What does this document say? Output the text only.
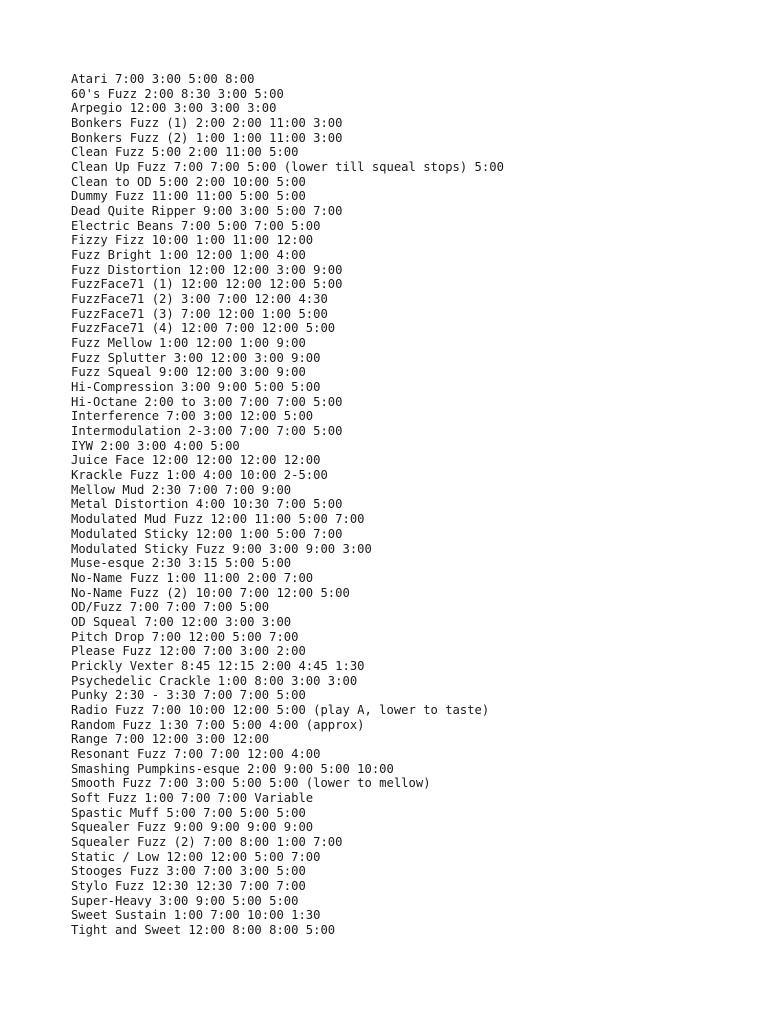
Atari 7:00 3:00 5:00 8:00
60's Fuzz 2:00 8:30 3:00 5:00
Arpegio 12:00 3:00 3:00 3:00
Bonkers Fuzz (1) 2:00 2:00 11:00 3:00
Bonkers Fuzz (2) 1:00 1:00 11:00 3:00
Clean Fuzz 5:00 2:00 11:00 5:00
Clean Up Fuzz 7:00 7:00 5:00 (lower till squeal stops) 5:00
Clean to OD 5:00 2:00 10:00 5:00
Dummy Fuzz 11:00 11:00 5:00 5:00
Dead Quite Ripper 9:00 3:00 5:00 7:00
Electric Beans 7:00 5:00 7:00 5:00
Fizzy Fizz 10:00 1:00 11:00 12:00
Fuzz Bright 1:00 12:00 1:00 4:00
Fuzz Distortion 12:00 12:00 3:00 9:00
FuzzFace71 (1) 12:00 12:00 12:00 5:00
FuzzFace71 (2) 3:00 7:00 12:00 4:30
FuzzFace71 (3) 7:00 12:00 1:00 5:00
FuzzFace71 (4) 12:00 7:00 12:00 5:00
Fuzz Mellow 1:00 12:00 1:00 9:00
Fuzz Splutter 3:00 12:00 3:00 9:00
Fuzz Squeal 9:00 12:00 3:00 9:00
Hi-Compression 3:00 9:00 5:00 5:00
Hi-Octane 2:00 to 3:00 7:00 7:00 5:00
Interference 7:00 3:00 12:00 5:00
Intermodulation 2-3:00 7:00 7:00 5:00
IYW 2:00 3:00 4:00 5:00
Juice Face 12:00 12:00 12:00 12:00
Krackle Fuzz 1:00 4:00 10:00 2-5:00
Mellow Mud 2:30 7:00 7:00 9:00
Metal Distortion 4:00 10:30 7:00 5:00
Modulated Mud Fuzz 12:00 11:00 5:00 7:00
Modulated Sticky 12:00 1:00 5:00 7:00
Modulated Sticky Fuzz 9:00 3:00 9:00 3:00
Muse-esque 2:30 3:15 5:00 5:00
No-Name Fuzz 1:00 11:00 2:00 7:00
No-Name Fuzz (2) 10:00 7:00 12:00 5:00
OD/Fuzz 7:00 7:00 7:00 5:00
OD Squeal 7:00 12:00 3:00 3:00
Pitch Drop 7:00 12:00 5:00 7:00
Please Fuzz 12:00 7:00 3:00 2:00
Prickly Vexter 8:45 12:15 2:00 4:45 1:30
Psychedelic Crackle 1:00 8:00 3:00 3:00
Punky 2:30 - 3:30 7:00 7:00 5:00
Radio Fuzz 7:00 10:00 12:00 5:00 (play A, lower to taste)
Random Fuzz 1:30 7:00 5:00 4:00 (approx)
Range 7:00 12:00 3:00 12:00
Resonant Fuzz 7:00 7:00 12:00 4:00
Smashing Pumpkins-esque 2:00 9:00 5:00 10:00
Smooth Fuzz 7:00 3:00 5:00 5:00 (lower to mellow)
Soft Fuzz 1:00 7:00 7:00 Variable
Spastic Muff 5:00 7:00 5:00 5:00
Squealer Fuzz 9:00 9:00 9:00 9:00
Squealer Fuzz (2) 7:00 8:00 1:00 7:00
Static / Low 12:00 12:00 5:00 7:00
Stooges Fuzz 3:00 7:00 3:00 5:00
Stylo Fuzz 12:30 12:30 7:00 7:00
Super-Heavy 3:00 9:00 5:00 5:00
Sweet Sustain 1:00 7:00 10:00 1:30
Tight and Sweet 12:00 8:00 8:00 5:00
